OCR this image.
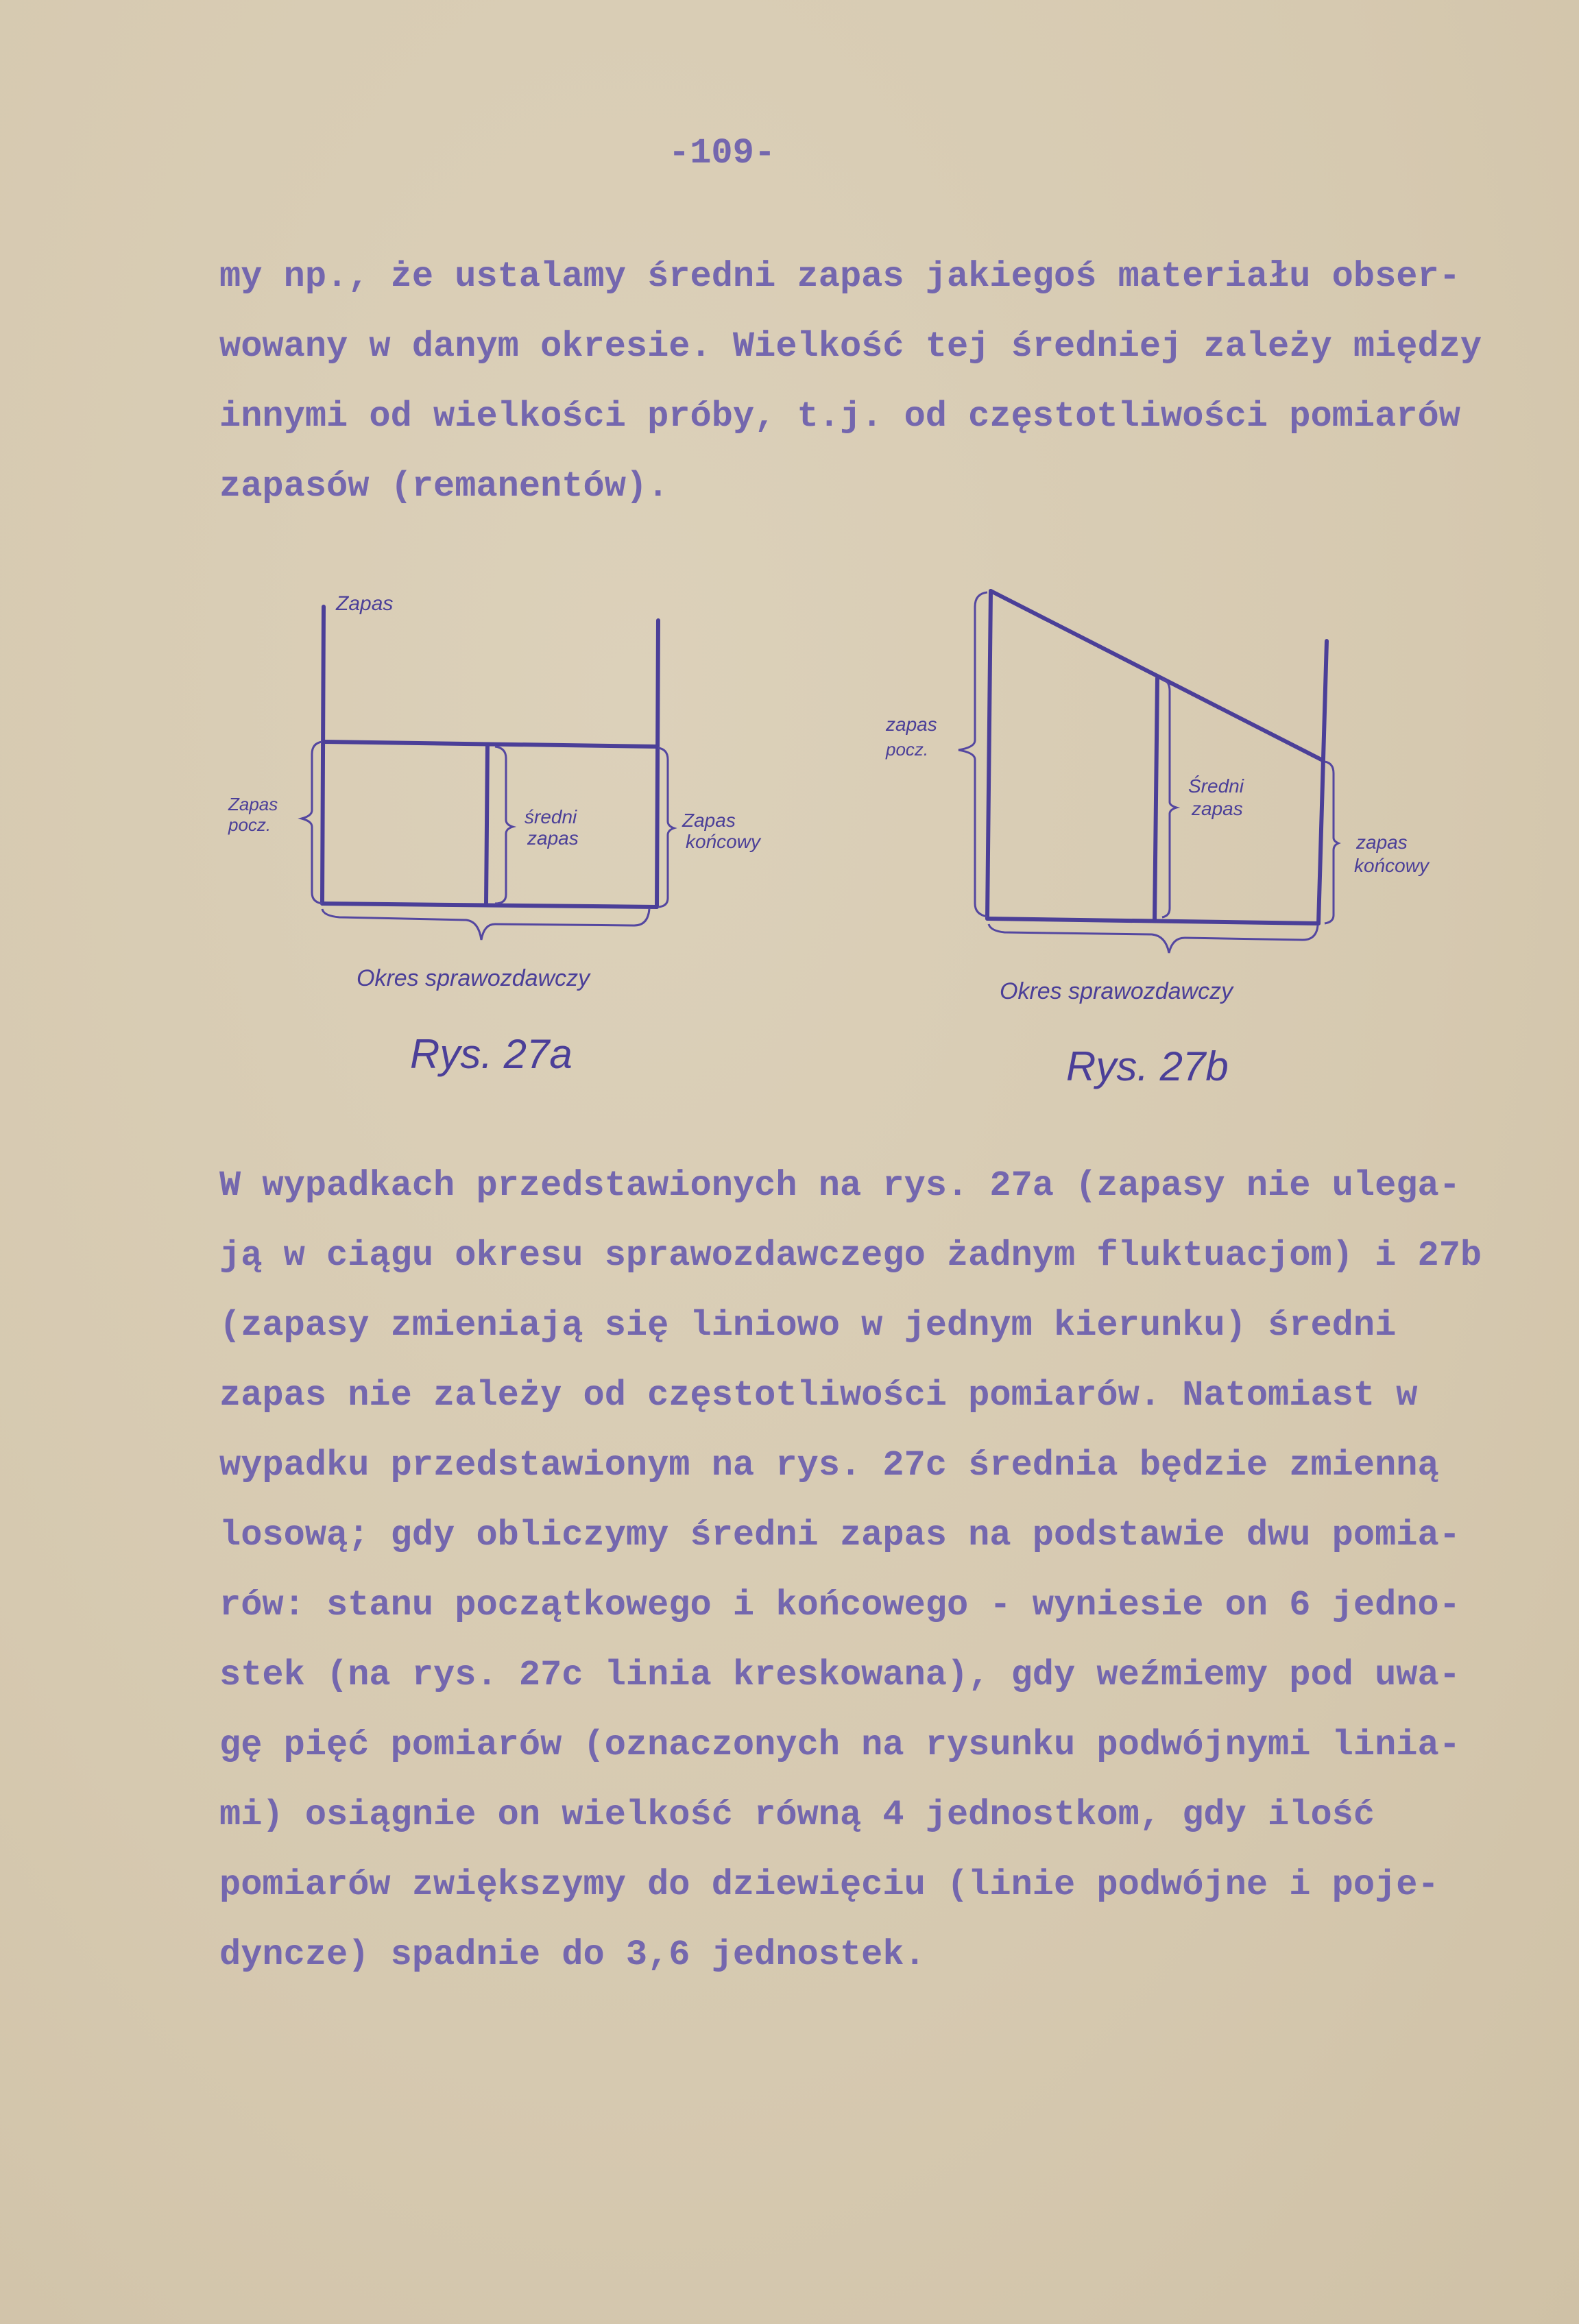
-109-
my np., że ustalamy średni zapas jakiegoś materiału obser-
wowany w danym okresie. Wielkość tej średniej zależy między
innymi od wielkości próby, t.j. od częstotliwości pomiarów
zapasów (remanentów).
Zapas
Zapas
pocz.	średni
zapas
Zapas
końcowy
Okres sprawozdawczy
Rys. 27a
zapas
pocz.
Średni
zapas
zapas
końcowy
Okres sprawozdawczy
Rys. 27b
W wypadkach przedstawionych na rys. 27a (zapasy nie ulega-
ją w ciągu okresu sprawozdawczego żadnym fluktuacjom) i 27b
(zapasy zmieniają się liniowo w jednym kierunku) średni
zapas nie zależy od częstotliwości pomiarów. Natomiast w
wypadku przedstawionym na rys. 27c średnia będzie zmienną
losową; gdy obliczymy średni zapas na podstawie dwu pomia-
rów: stanu początkowego i końcowego - wyniesie on 6 jedno-
stek (na rys. 27c linia kreskowana), gdy weźmiemy pod uwa-
gę pięć pomiarów (oznaczonych na rysunku podwójnymi linia-
mi) osiągnie on wielkość równą 4 jednostkom, gdy ilość
pomiarów zwiększymy do dziewięciu (linie podwójne i poje-
dyncze) spadnie do 3,6 jednostek.
